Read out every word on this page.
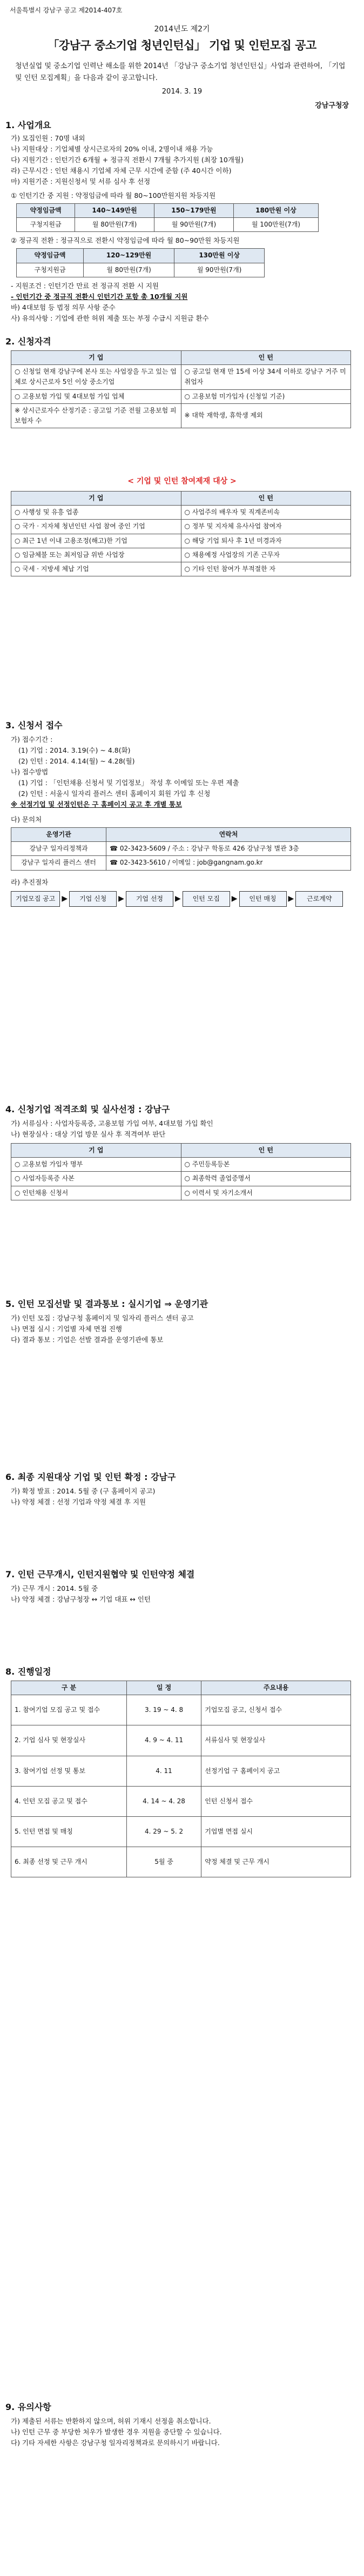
서울특별시 강남구 공고 제2014-407호
2014년도 제2기
「강남구 중소기업 청년인턴십」 기업 및 인턴모집 공고
청년실업 및 중소기업 인력난 해소를 위한 2014년 「강남구 중소기업 청년인턴십」사업과 관련하여, 「기업 및 인턴 모집계획」을 다음과 같이 공고합니다.
2014. 3. 19
강남구청장
1. 사업개요

가) 모집인원 : 70명 내외

나) 지원대상 : 기업체별 상시근로자의 20% 이내, 2명이내 채용 가능

다) 지원기간 : 인턴기간 6개월 + 정규직 전환시 7개월 추가지원 (최장 10개월)

라) 근무시간 : 인턴 채용시 기업체 자체 근무 시간에 준함 (주 40시간 이하)

마) 지원기준 : 지원신청서 및 서류 심사 후 선정

① 인턴기간 중 지원 : 약정임금에 따라 월 80~100만원지원 차등지원

약정임금액	140~149만원	150~179만원	180만원 이상
구청지원금	월 80만원(7개)	월 90만원(7개)	월 100만원(7개)

② 정규직 전환 : 정규직으로 전환시 약정임금에 따라 월 80~90만원 차등지원

약정임금액	120~129만원	130만원 이상
구청지원금	월 80만원(7개)	월 90만원(7개)

- 지원조건 : 인턴기간 만료 전 정규직 전환 시 지원

- 인턴기간 중 정규직 전환시 인턴기간 포함 총 10개월 지원

바) 4대보험 등 법정 의무 사항 준수

사) 유의사항 : 기업에 관한 허위 제출 또는 부정 수급시 지원금 환수

2. 신청자격
기 업	인 턴
○ 신청일 현재 강남구에 본사 또는 사업장을 두고 있는 업체로 상시근로자 5인 이상 중소기업	○ 공고일 현재 만 15세 이상 34세 이하로 강남구 거주 미취업자
○ 고용보험 가입 및 4대보험 가입 업체	○ 고용보험 미가입자 (신청일 기준)
※ 상시근로자수 산정기준 : 공고일 기준 전월 고용보험 피보험자 수	※ 대학 재학생, 휴학생 제외
< 기업 및 인턴 참여제재 대상 >
기 업	인 턴
○ 사행성 및 유흥 업종	○ 사업주의 배우자 및 직계존비속
○ 국가 · 지자체 청년인턴 사업 참여 중인 기업	○ 정부 및 지자체 유사사업 참여자
○ 최근 1년 이내 고용조정(해고)한 기업	○ 해당 기업 퇴사 후 1년 미경과자
○ 임금체불 또는 최저임금 위반 사업장	○ 채용예정 사업장의 기존 근무자
○ 국세 · 지방세 체납 기업	○ 기타 인턴 참여가 부적절한 자
3. 신청서 접수

가) 접수기간 :

(1) 기업 : 2014. 3.19(수) ~ 4.8(화)

(2) 인턴 : 2014. 4.14(월) ~ 4.28(월)

나) 접수방법

(1) 기업 : 「인턴채용 신청서 및 기업정보」 작성 후 이메일 또는 우편 제출

(2) 인턴 : 서울시 일자리 플러스 센터 홈페이지 회원 가입 후 신청

※ 선정기업 및 선정인턴은 구 홈페이지 공고 후 개별 통보

다) 문의처

운영기관	연락처
강남구 일자리정책과	☎ 02-3423-5609 / 주소 : 강남구 학동로 426 강남구청 별관 3층
강남구 일자리 플러스 센터	☎ 02-3423-5610 / 이메일 : job@gangnam.go.kr

라) 추진절차

기업모집 공고 ▶ 기업 신청 ▶ 기업 선정 ▶ 인턴 모집 ▶ 인턴 매칭 ▶ 근로계약
4. 신청기업 적격조회 및 실사선정 : 강남구

가) 서류심사 : 사업자등록증, 고용보험 가입 여부, 4대보험 가입 확인

나) 현장실사 : 대상 기업 방문 실사 후 적격여부 판단

기 업	인 턴
○ 고용보험 가입자 명부	○ 주민등록등본
○ 사업자등록증 사본	○ 최종학력 졸업증명서
○ 인턴채용 신청서	○ 이력서 및 자기소개서
5. 인턴 모집선발 및 결과통보 : 실시기업 ⇒ 운영기관

가) 인턴 모집 : 강남구청 홈페이지 및 일자리 플러스 센터 공고

나) 면접 실시 : 기업별 자체 면접 진행

다) 결과 통보 : 기업은 선발 결과를 운영기관에 통보

6. 최종 지원대상 기업 및 인턴 확정 : 강남구

가) 확정 발표 : 2014. 5월 중 (구 홈페이지 공고)

나) 약정 체결 : 선정 기업과 약정 체결 후 지원

7. 인턴 근무개시, 인턴지원협약 및 인턴약정 체결

가) 근무 개시 : 2014. 5월 중

나) 약정 체결 : 강남구청장 ↔ 기업 대표 ↔ 인턴

8. 진행일정
구 분	일 정	주요내용
1. 참여기업 모집 공고 및 접수	3. 19 ~ 4. 8	기업모집 공고, 신청서 접수
2. 기업 심사 및 현장실사	4. 9 ~ 4. 11	서류심사 및 현장실사
3. 참여기업 선정 및 통보	4. 11	선정기업 구 홈페이지 공고
4. 인턴 모집 공고 및 접수	4. 14 ~ 4. 28	인턴 신청서 접수
5. 인턴 면접 및 매칭	4. 29 ~ 5. 2	기업별 면접 실시
6. 최종 선정 및 근무 개시	5월 중	약정 체결 및 근무 개시
9. 유의사항

가) 제출된 서류는 반환하지 않으며, 허위 기재시 선정을 취소합니다.

나) 인턴 근무 중 부당한 처우가 발생한 경우 지원을 중단할 수 있습니다.

다) 기타 자세한 사항은 강남구청 일자리정책과로 문의하시기 바랍니다.
